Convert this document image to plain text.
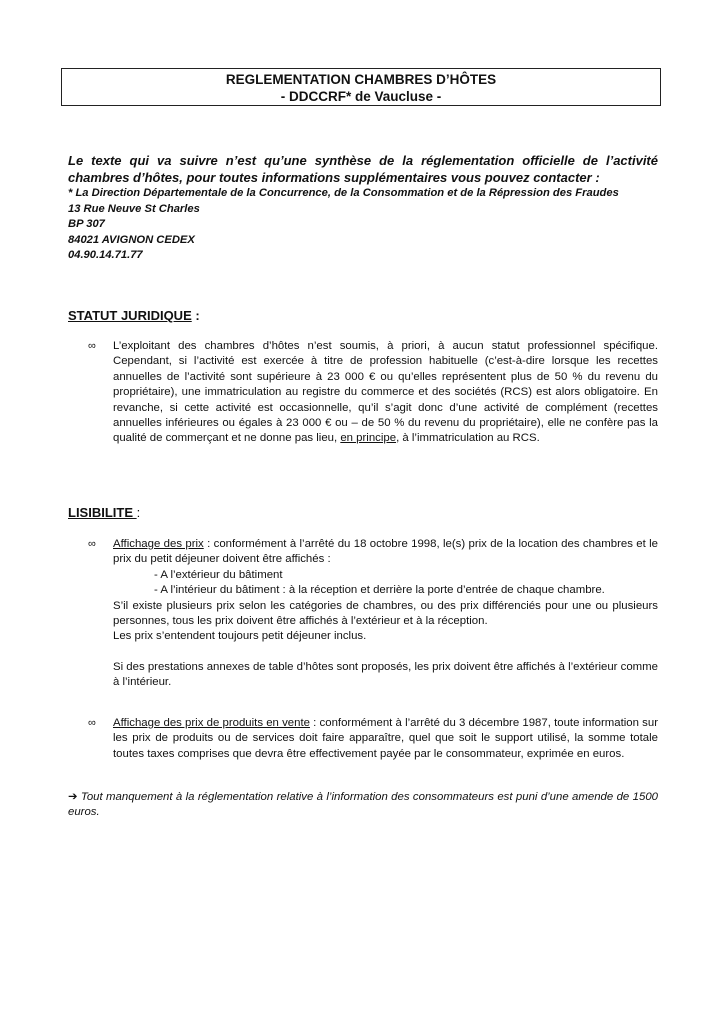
REGLEMENTATION CHAMBRES D’HÔTES
- DDCCRF* de Vaucluse -
Le texte qui va suivre n’est qu’une synthèse de la réglementation officielle de l’activité chambres d’hôtes, pour toutes informations supplémentaires vous pouvez contacter :
* La Direction Départementale de la Concurrence, de la Consommation et de la Répression des Fraudes
13 Rue Neuve St Charles
BP 307
84021 AVIGNON CEDEX
04.90.14.71.77
STATUT JURIDIQUE :
∞	L’exploitant des chambres d’hôtes n’est soumis, à priori, à aucun statut professionnel spécifique. Cependant, si l’activité est exercée à titre de profession habituelle (c’est-à-dire lorsque les recettes annuelles de l’activité sont supérieure à 23 000 € ou qu’elles représentent plus de 50 % du revenu du propriétaire), une immatriculation au registre du commerce et des sociétés (RCS) est alors obligatoire. En revanche, si cette activité est occasionnelle, qu’il s’agit donc d’une activité de complément (recettes annuelles inférieures ou égales à 23 000 € ou – de 50 % du revenu du propriétaire), elle ne confère pas la qualité de commerçant et ne donne pas lieu, en principe, à l’immatriculation au RCS.
LISIBILITE :
∞	Affichage des prix : conformément à l’arrêté du 18 octobre 1998, le(s) prix de la location des chambres et le prix du petit déjeuner doivent être affichés :
- A l’extérieur du bâtiment
- A l’intérieur du bâtiment : à la réception et derrière la porte d’entrée de chaque chambre.
S’il existe plusieurs prix selon les catégories de chambres, ou des prix différenciés pour une ou plusieurs personnes, tous les prix doivent être affichés à l’extérieur et à la réception.
Les prix s’entendent toujours petit déjeuner inclus.
Si des prestations annexes de table d’hôtes sont proposés, les prix doivent être affichés à l’extérieur comme à l’intérieur.
∞	Affichage des prix de produits en vente : conformément à l’arrêté du 3 décembre 1987, toute information sur les prix de produits ou de services doit faire apparaître, quel que soit le support utilisé, la somme totale toutes taxes comprises que devra être effectivement payée par le consommateur, exprimée en euros.
➔ Tout manquement à la réglementation relative à l’information des consommateurs est puni d’une amende de 1500 euros.
